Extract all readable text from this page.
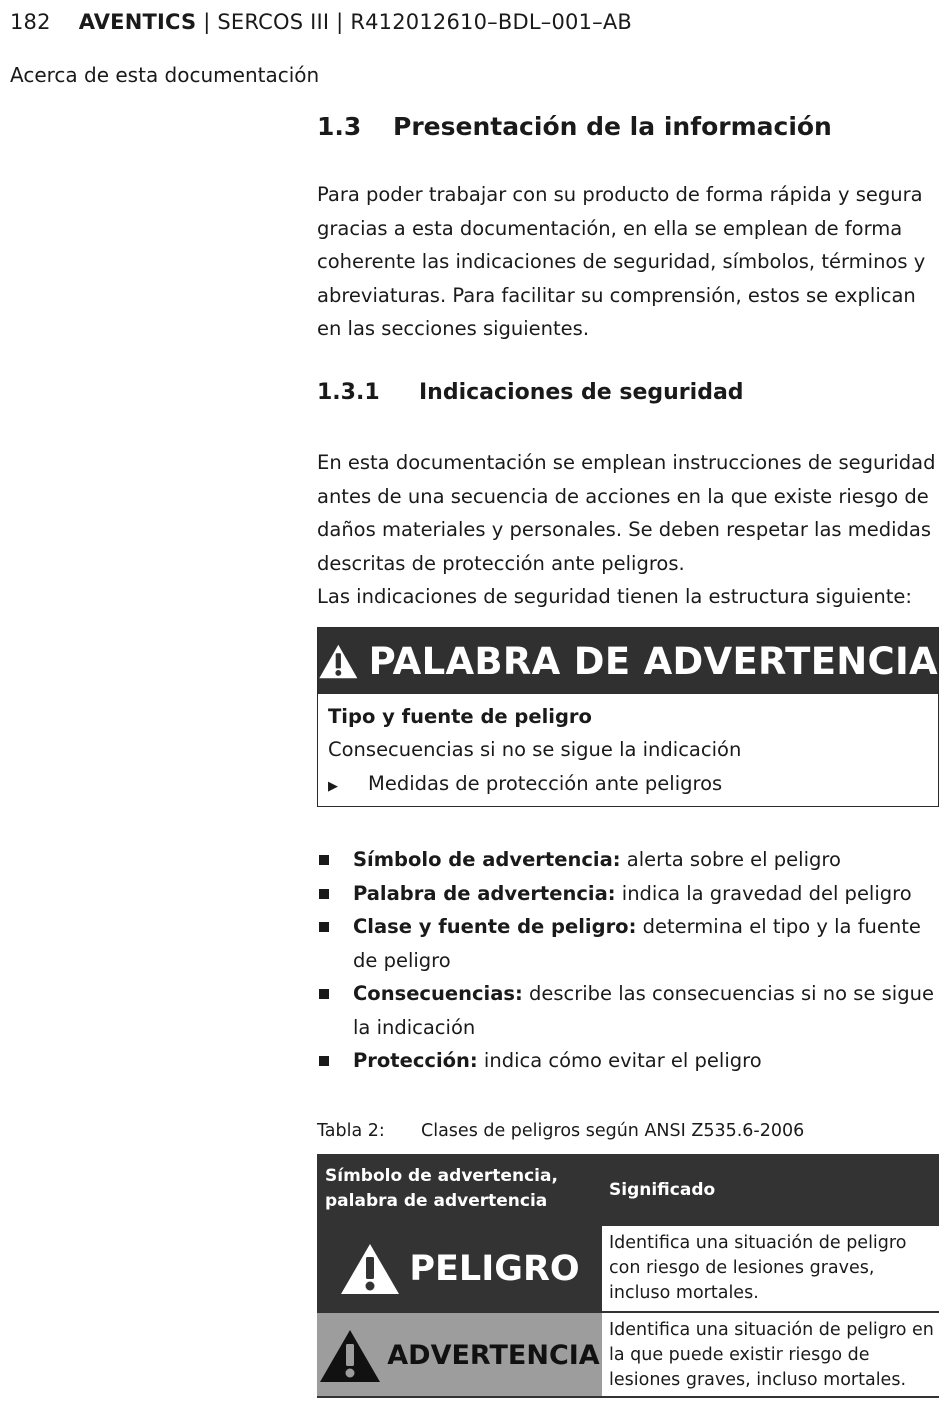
182 AVENTICS | SERCOS III | R412012610–BDL–001–AB
Acerca de esta documentación
1.3 Presentación de la información

Para poder trabajar con su producto de forma rápida y segura gracias a esta documentación, en ella se emplean de forma coherente las indicaciones de seguridad, símbolos, términos y abreviaturas. Para facilitar su comprensión, estos se explican en las secciones siguientes.

1.3.1 Indicaciones de seguridad

En esta documentación se emplean instrucciones de seguridad antes de una secuencia de acciones en la que existe riesgo de daños materiales y personales. Se deben respetar las medidas descritas de protección ante peligros.

Las indicaciones de seguridad tienen la estructura siguiente:

PALABRA DE ADVERTENCIA
Tipo y fuente de peligro
Consecuencias si no se sigue la indicación
▶ Medidas de protección ante peligros
Símbolo de advertencia: alerta sobre el peligro
Palabra de advertencia: indica la gravedad del peligro
Clase y fuente de peligro: determina el tipo y la fuente de peligro
Consecuencias: describe las consecuencias si no se sigue la indicación
Protección: indica cómo evitar el peligro
Tabla 2: Clases de peligros según ANSI Z535.6-2006
Símbolo de advertencia,
palabra de advertencia
Significado
PELIGRO
Identifica una situación de peligro con riesgo de lesiones graves, incluso mortales.
ADVERTENCIA
Identifica una situación de peligro en la que puede existir riesgo de lesiones graves, incluso mortales.
